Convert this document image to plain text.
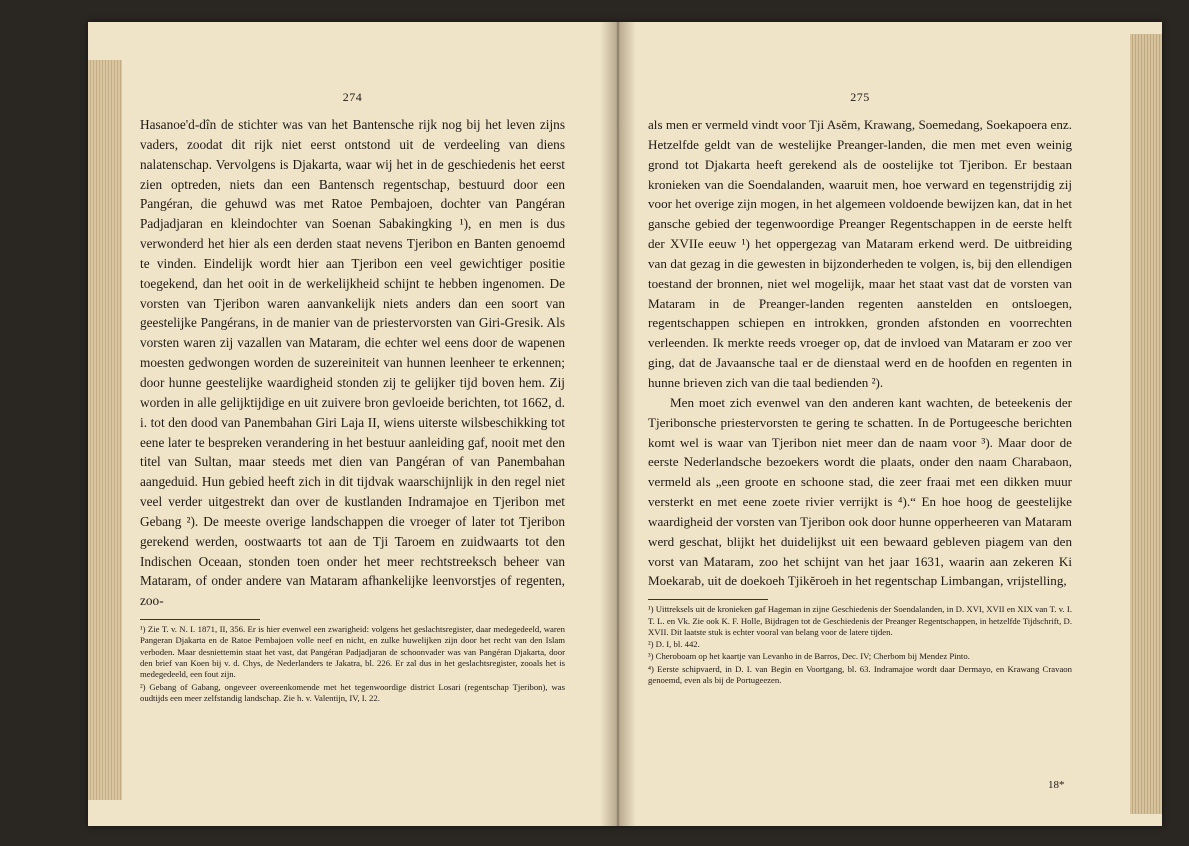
274

Hasanoe'd-dîn de stichter was van het Bantensche rijk nog bij het leven zijns vaders, zoodat dit rijk niet eerst ontstond uit de verdeeling van diens nalatenschap. Vervolgens is Djakarta, waar wij het in de geschiedenis het eerst zien optreden, niets dan een Bantensch regentschap, bestuurd door een Pangéran, die gehuwd was met Ratoe Pembajoen, dochter van Pangéran Padjadjaran en kleindochter van Soenan Sabakingking ¹), en men is dus verwonderd het hier als een derden staat nevens Tjeribon en Banten genoemd te vinden. Eindelijk wordt hier aan Tjeribon een veel gewichtiger positie toegekend, dan het ooit in de werkelijkheid schijnt te hebben ingenomen. De vorsten van Tjeribon waren aanvankelijk niets anders dan een soort van geestelijke Pangérans, in de manier van de priestervorsten van Giri-Gresik. Als vorsten waren zij vazallen van Mataram, die echter wel eens door de wapenen moesten gedwongen worden de suzereiniteit van hunnen leenheer te erkennen; door hunne geestelijke waardigheid stonden zij te gelijker tijd boven hem. Zij worden in alle gelijktijdige en uit zuivere bron gevloeide berichten, tot 1662, d. i. tot den dood van Panembahan Giri Laja II, wiens uiterste wilsbeschikking tot eene later te bespreken verandering in het bestuur aanleiding gaf, nooit met den titel van Sultan, maar steeds met dien van Pangéran of van Panembahan aangeduid. Hun gebied heeft zich in dit tijdvak waarschijnlijk in den regel niet veel verder uitgestrekt dan over de kustlanden Indramajoe en Tjeribon met Gebang ²). De meeste overige landschappen die vroeger of later tot Tjeribon gerekend werden, oostwaarts tot aan de Tji Taroem en zuidwaarts tot den Indischen Oceaan, stonden toen onder het meer rechtstreeksch beheer van Mataram, of onder andere van Mataram afhankelijke leenvorstjes of regenten, zoo-

¹) Zie T. v. N. I. 1871, II, 356. Er is hier evenwel een zwarigheid: volgens het geslachtsregister, daar medegedeeld, waren Pangeran Djakarta en de Ratoe Pembajoen volle neef en nicht, en zulke huwelijken zijn door het recht van den Islam verboden. Maar desniettemin staat het vast, dat Pangéran Padjadjaran de schoonvader was van Pangéran Djakarta, door den brief van Koen bij v. d. Chys, de Nederlanders te Jakatra, bl. 226. Er zal dus in het geslachtsregister, zooals het is medegedeeld, een fout zijn.

²) Gebang of Gabang, ongeveer overeenkomende met het tegenwoordige district Losari (regentschap Tjeribon), was oudtijds een meer zelfstandig landschap. Zie h. v. Valentijn, IV, I. 22.

275

als men er vermeld vindt voor Tji Asĕm, Krawang, Soemedang, Soekapoera enz. Hetzelfde geldt van de westelijke Preanger-landen, die men met even weinig grond tot Djakarta heeft gerekend als de oostelijke tot Tjeribon. Er bestaan kronieken van die Soendalanden, waaruit men, hoe verward en tegenstrijdig zij voor het overige zijn mogen, in het algemeen voldoende bewijzen kan, dat in het gansche gebied der tegenwoordige Preanger Regentschappen in de eerste helft der XVIIe eeuw ¹) het oppergezag van Mataram erkend werd. De uitbreiding van dat gezag in die gewesten in bijzonderheden te volgen, is, bij den ellendigen toestand der bronnen, niet wel mogelijk, maar het staat vast dat de vorsten van Mataram in de Preanger-landen regenten aanstelden en ontsloegen, regentschappen schiepen en introkken, gronden afstonden en voorrechten verleenden. Ik merkte reeds vroeger op, dat de invloed van Mataram er zoo ver ging, dat de Javaansche taal er de dienstaal werd en de hoofden en regenten in hunne brieven zich van die taal bedienden ²).

Men moet zich evenwel van den anderen kant wachten, de beteekenis der Tjeribonsche priestervorsten te gering te schatten. In de Portugeesche berichten komt wel is waar van Tjeribon niet meer dan de naam voor ³). Maar door de eerste Nederlandsche bezoekers wordt die plaats, onder den naam Charabaon, vermeld als „een groote en schoone stad, die zeer fraai met een dikken muur versterkt en met eene zoete rivier verrijkt is ⁴).“ En hoe hoog de geestelijke waardigheid der vorsten van Tjeribon ook door hunne opperheeren van Mataram werd geschat, blijkt het duidelijkst uit een bewaard gebleven piagem van den vorst van Mataram, zoo het schijnt van het jaar 1631, waarin aan zekeren Ki Moekarab, uit de doekoeh Tjikĕroeh in het regentschap Limbangan, vrijstelling,

¹) Uittreksels uit de kronieken gaf Hageman in zijne Geschiedenis der Soendalanden, in D. XVI, XVII en XIX van T. v. I. T. L. en Vk. Zie ook K. F. Holle, Bijdragen tot de Geschiedenis der Preanger Regentschappen, in hetzelfde Tijdschrift, D. XVII. Dit laatste stuk is echter vooral van belang voor de latere tijden.

²) D. I, bl. 442.

³) Cheroboam op het kaartje van Levanho in de Barros, Dec. IV; Cherbom bij Mendez Pinto.

⁴) Eerste schipvaerd, in D. I. van Begin en Voortgang, bl. 63. Indramajoe wordt daar Dermayo, en Krawang Cravaon genoemd, even als bij de Portugeezen.

18*
